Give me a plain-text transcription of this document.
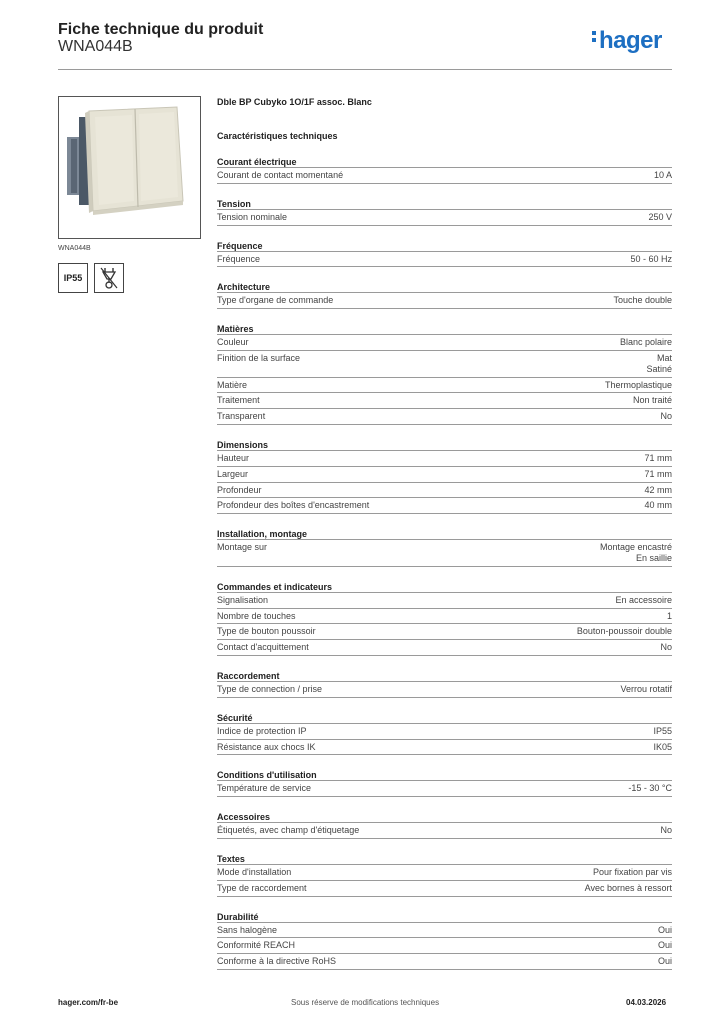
Fiche technique du produit
WNA044B	hager
WNA044B
IP55
Dble BP Cubyko 1O/1F assoc. Blanc
Caractéristiques techniques
Courant électrique
Courant de contact momentané	10 A
Tension
Tension nominale	250 V
Fréquence
Fréquence	50 - 60 Hz
Architecture
Type d'organe de commande	Touche double
Matières
Couleur	Blanc polaire
Finition de la surface	Mat
Satiné
Matière	Thermoplastique
Traitement	Non traité
Transparent	No
Dimensions
Hauteur	71 mm
Largeur	71 mm
Profondeur	42 mm
Profondeur des boîtes d'encastrement	40 mm
Installation, montage
Montage sur	Montage encastré
En saillie
Commandes et indicateurs
Signalisation	En accessoire
Nombre de touches	1
Type de bouton poussoir	Bouton-poussoir double
Contact d'acquittement	No
Raccordement
Type de connection / prise	Verrou rotatif
Sécurité
Indice de protection IP	IP55
Résistance aux chocs IK	IK05
Conditions d'utilisation
Température de service	-15 - 30 °C
Accessoires
Étiquetés, avec champ d'étiquetage	No
Textes
Mode d'installation	Pour fixation par vis
Type de raccordement	Avec bornes à ressort
Durabilité
Sans halogène	Oui
Conformité REACH	Oui
Conforme à la directive RoHS	Oui
hager.com/fr-be	Sous réserve de modifications techniques	04.03.2026
